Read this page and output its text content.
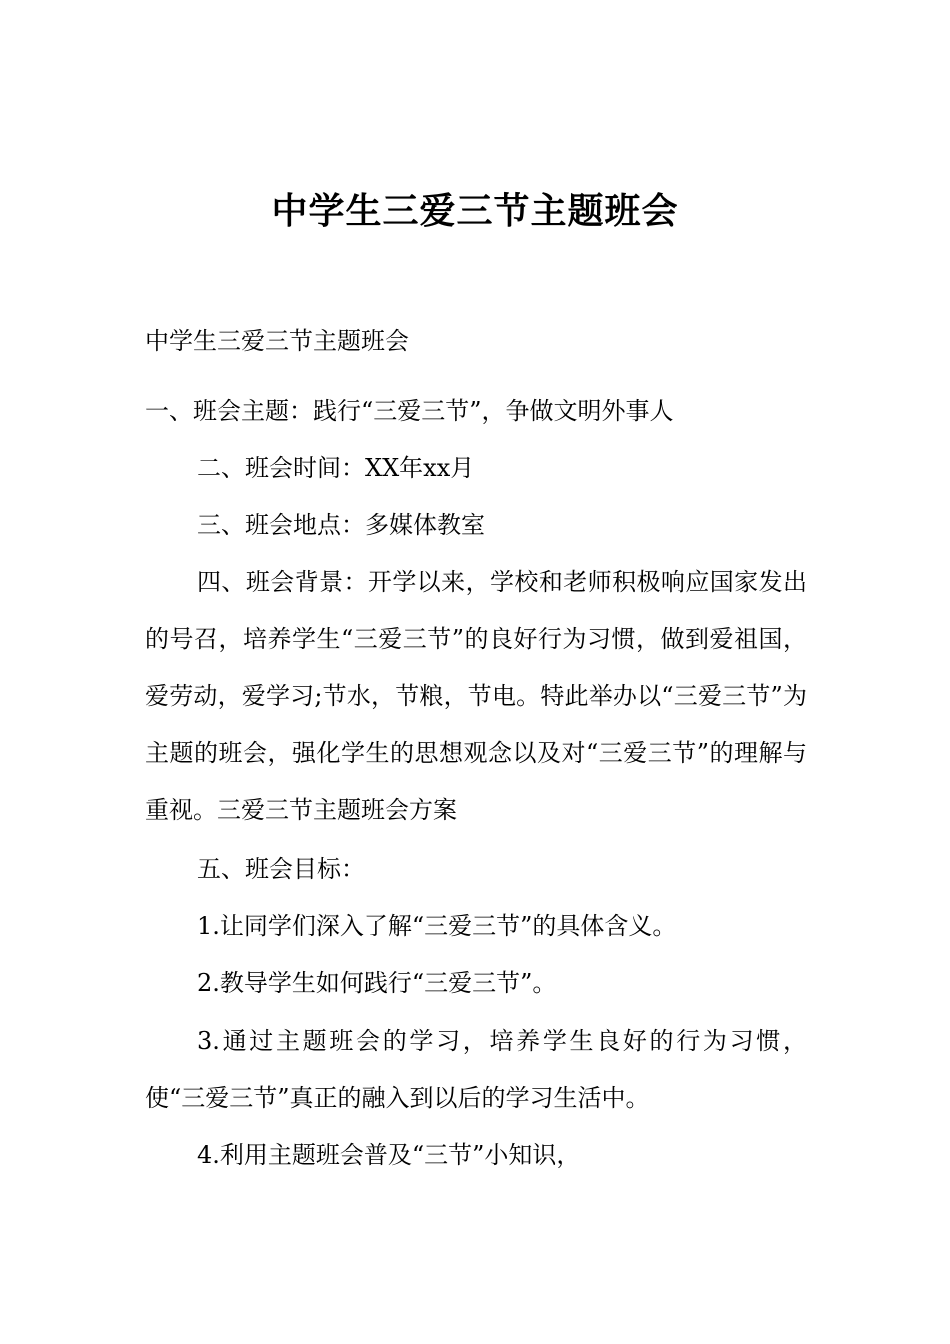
中学生三爱三节主题班会

中学生三爱三节主题班会

一、班会主题：践行“三爱三节”，争做文明外事人

二、班会时间：XX年xx月

三、班会地点：多媒体教室

四、班会背景：开学以来，学校和老师积极响应国家发出的号召，培养学生“三爱三节”的良好行为习惯，做到爱祖国，爱劳动，爱学习;节水，节粮，节电。特此举办以“三爱三节”为主题的班会，强化学生的思想观念以及对“三爱三节”的理解与重视。三爱三节主题班会方案

五、班会目标：

1.让同学们深入了解“三爱三节”的具体含义。

2.教导学生如何践行“三爱三节”。

3.通过主题班会的学习，培养学生良好的行为习惯，使“三爱三节”真正的融入到以后的学习生活中。

4.利用主题班会普及“三节”小知识，
